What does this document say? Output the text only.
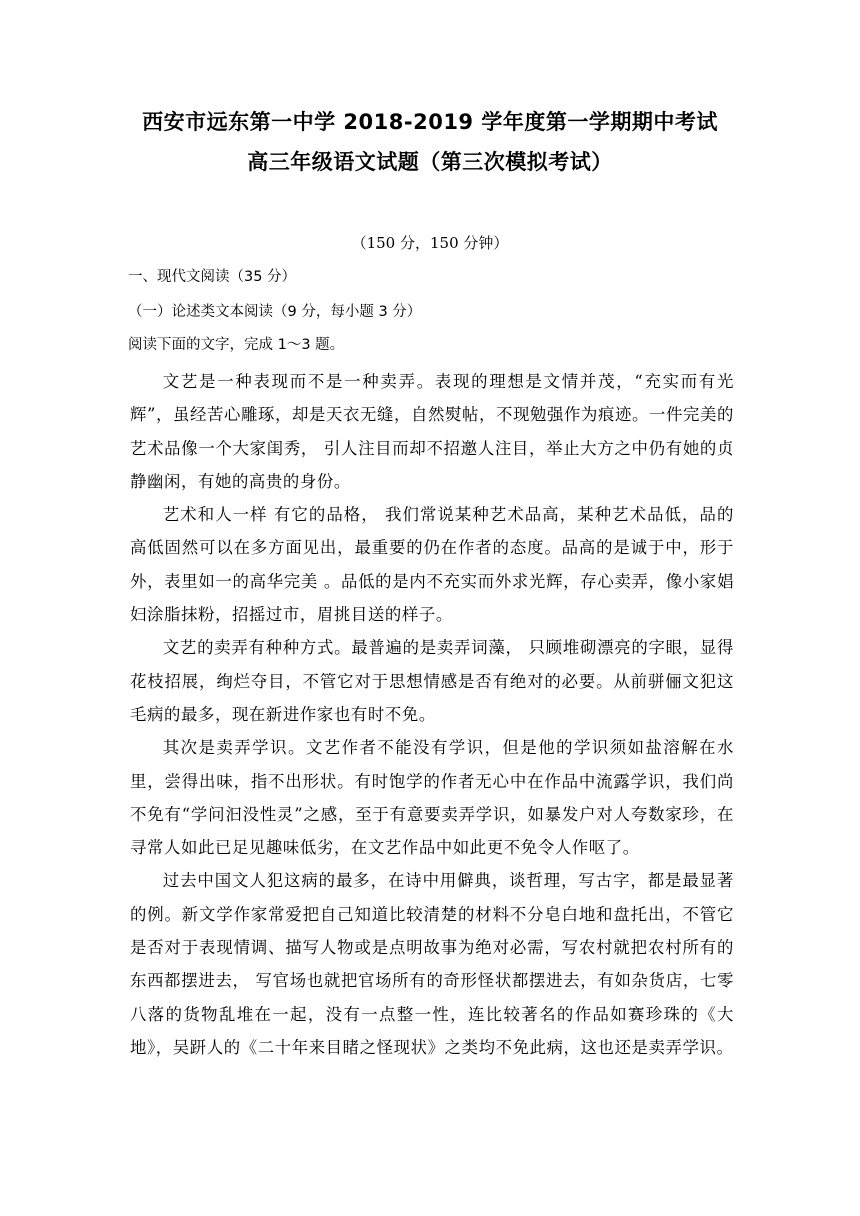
西安市远东第一中学 2018-2019 学年度第一学期期中考试
高三年级语文试题（第三次模拟考试）
（150 分，150 分钟）
一、现代文阅读（35 分）
（一）论述类文本阅读（9 分，每小题 3 分）
阅读下面的文字，完成 1～3 题。

文艺是一种表现而不是一种卖弄。表现的理想是文情并茂，“充实而有光辉”，虽经苦心雕琢，却是天衣无缝，自然熨帖，不现勉强作为痕迹。一件完美的艺术品像一个大家闺秀， 引人注目而却不招邀人注目，举止大方之中仍有她的贞静幽闲，有她的高贵的身份。

艺术和人一样 有它的品格， 我们常说某种艺术品高，某种艺术品低，品的高低固然可以在多方面见出，最重要的仍在作者的态度。品高的是诚于中，形于外，表里如一的高华完美 。品低的是内不充实而外求光辉，存心卖弄，像小家娼妇涂脂抹粉，招摇过市，眉挑目送的样子。

文艺的卖弄有种种方式。最普遍的是卖弄词藻， 只顾堆砌漂亮的字眼，显得花枝招展，绚烂夺目，不管它对于思想情感是否有绝对的必要。从前骈俪文犯这毛病的最多，现在新进作家也有时不免。

其次是卖弄学识。文艺作者不能没有学识，但是他的学识须如盐溶解在水里，尝得出味，指不出形状。有时饱学的作者无心中在作品中流露学识，我们尚不免有“学问汩没性灵”之感，至于有意要卖弄学识，如暴发户对人夸数家珍，在寻常人如此已足见趣味低劣，在文艺作品中如此更不免令人作呕了。

过去中国文人犯这病的最多，在诗中用僻典，谈哲理，写古字，都是最显著的例。新文学作家常爱把自己知道比较清楚的材料不分皂白地和盘托出，不管它是否对于表现情调、描写人物或是点明故事为绝对必需，写农村就把农村所有的东西都摆进去， 写官场也就把官场所有的奇形怪状都摆进去，有如杂货店，七零八落的货物乱堆在一起，没有一点整一性，连比较著名的作品如赛珍珠的《大地》，吴趼人的《二十年来目睹之怪现状》之类均不免此病，这也还是卖弄学识。
